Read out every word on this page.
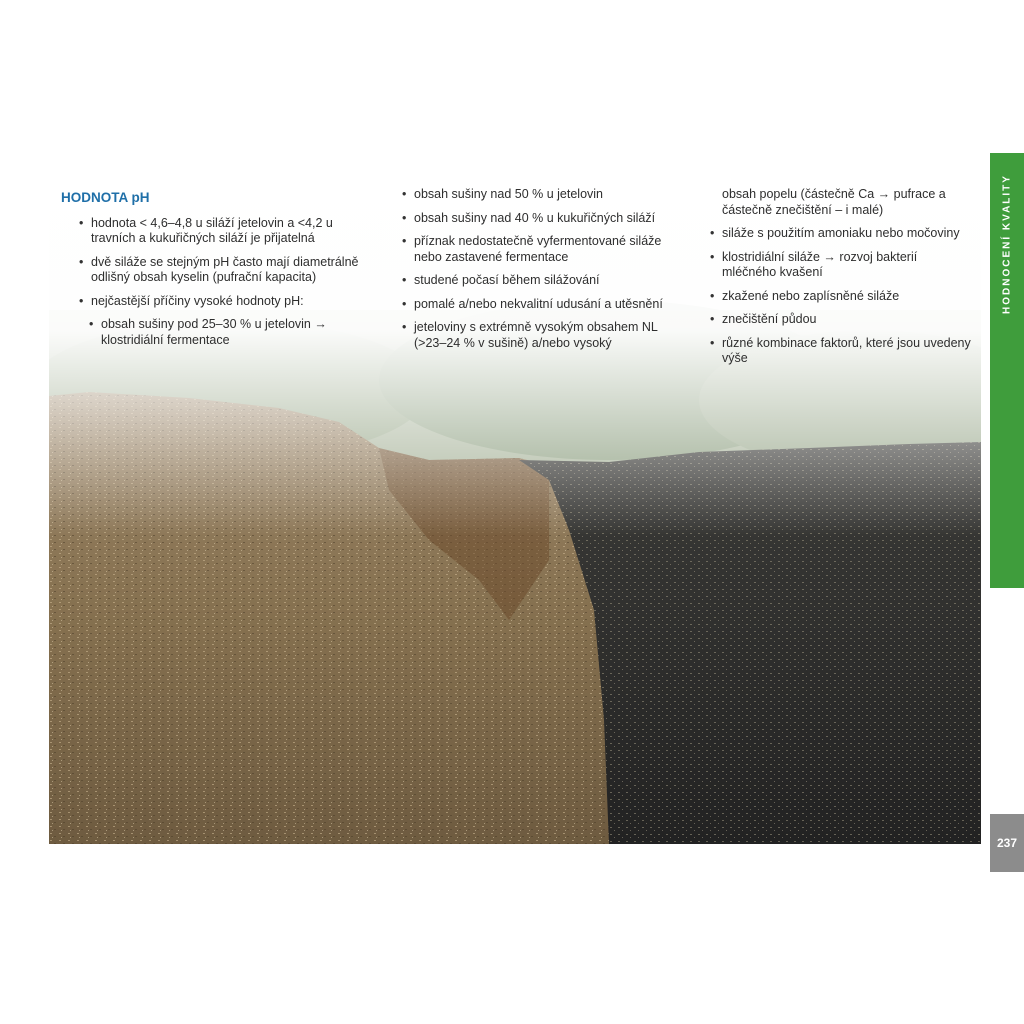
HODNOTA pH
• hodnota < 4,6–4,8 u siláží jetelovin a <4,2 u travních a kukuřičných siláží je přijatelná
• dvě siláže se stejným pH často mají diametrálně odlišný obsah kyselin (pufrační kapacita)
• nejčastější příčiny vysoké hodnoty pH:
• obsah sušiny pod 25–30 % u jetelovin → klostridiální fermentace
• obsah sušiny nad 50 % u jetelovin
• obsah sušiny nad 40 % u kukuřičných siláží
• příznak nedostatečně vyfermentované siláže nebo zastavené fermentace
• studené počasí během silážování
• pomalé a/nebo nekvalitní udusání a utěsnění
• jeteloviny s extrémně vysokým obsahem NL (>23–24 % v sušině) a/nebo vysoký
obsah popelu (částečně Ca → pufrace a částečně znečištění – i malé)
• siláže s použitím amoniaku nebo močoviny
• klostridiální siláže → rozvoj bakterií mléčného kvašení
• zkažené nebo zaplísněné siláže
• znečištění půdou
• různé kombinace faktorů, které jsou uvedeny výše
HODNOCENÍ KVALITY
237
